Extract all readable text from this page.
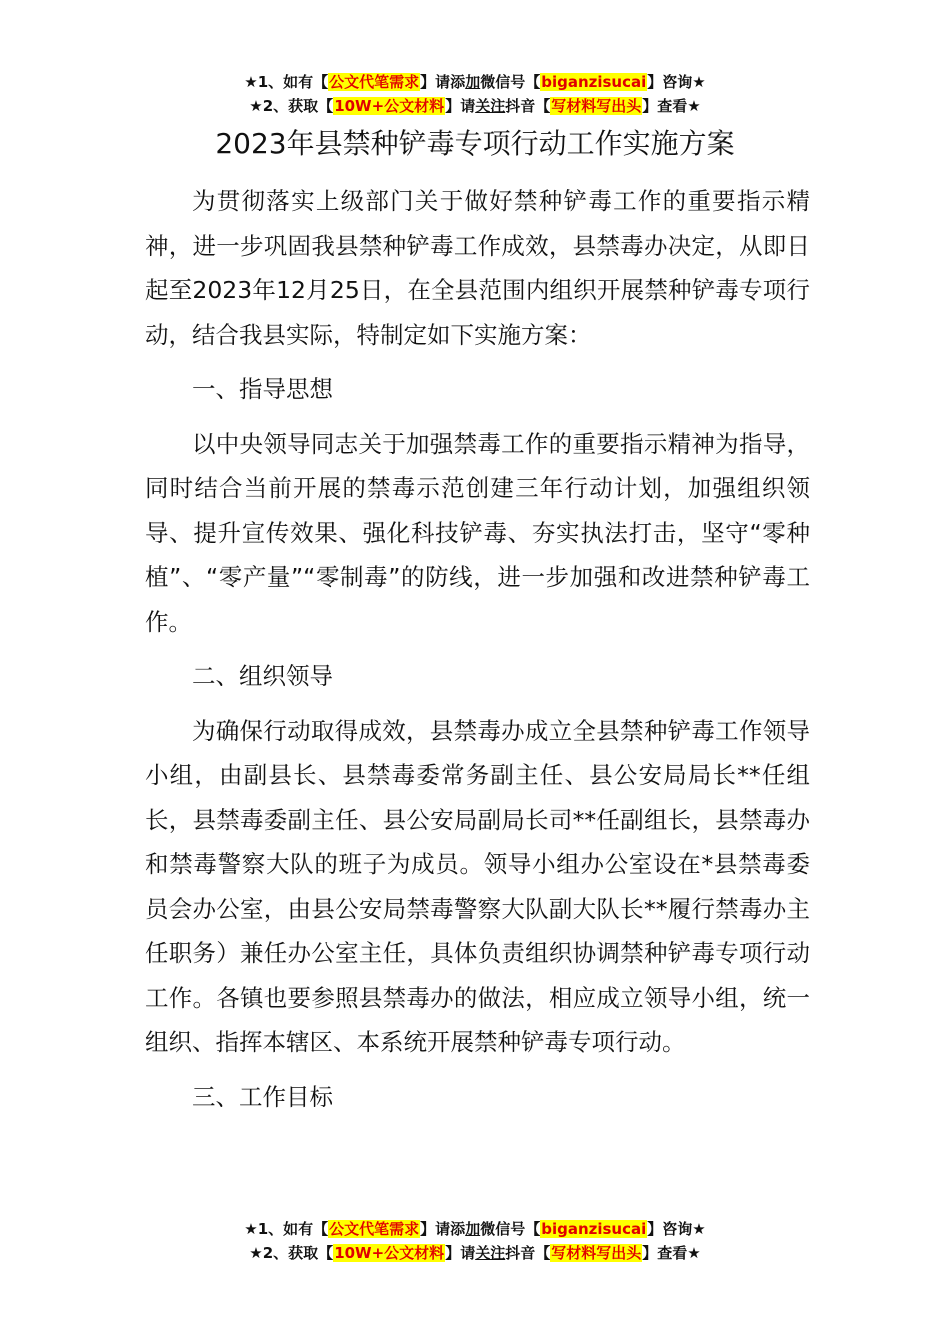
★1、如有【公文代笔需求】请添加微信号【biganzisucai】咨询★
★2、获取【10W+公文材料】请关注抖音【写材料写出头】查看★
2023年县禁种铲毒专项行动工作实施方案

为贯彻落实上级部门关于做好禁种铲毒工作的重要指示精神，进一步巩固我县禁种铲毒工作成效，县禁毒办决定，从即日起至2023年12月25日，在全县范围内组织开展禁种铲毒专项行动，结合我县实际，特制定如下实施方案：

一、指导思想

以中央领导同志关于加强禁毒工作的重要指示精神为指导，同时结合当前开展的禁毒示范创建三年行动计划，加强组织领导、提升宣传效果、强化科技铲毒、夯实执法打击，坚守“零种植”、“零产量”“零制毒”的防线，进一步加强和改进禁种铲毒工作。

二、组织领导

为确保行动取得成效，县禁毒办成立全县禁种铲毒工作领导小组，由副县长、县禁毒委常务副主任、县公安局局长**任组长，县禁毒委副主任、县公安局副局长司**任副组长，县禁毒办和禁毒警察大队的班子为成员。领导小组办公室设在*县禁毒委员会办公室，由县公安局禁毒警察大队副大队长**履行禁毒办主任职务）兼任办公室主任，具体负责组织协调禁种铲毒专项行动工作。各镇也要参照县禁毒办的做法，相应成立领导小组，统一组织、指挥本辖区、本系统开展禁种铲毒专项行动。

三、工作目标

★1、如有【公文代笔需求】请添加微信号【biganzisucai】咨询★
★2、获取【10W+公文材料】请关注抖音【写材料写出头】查看★
